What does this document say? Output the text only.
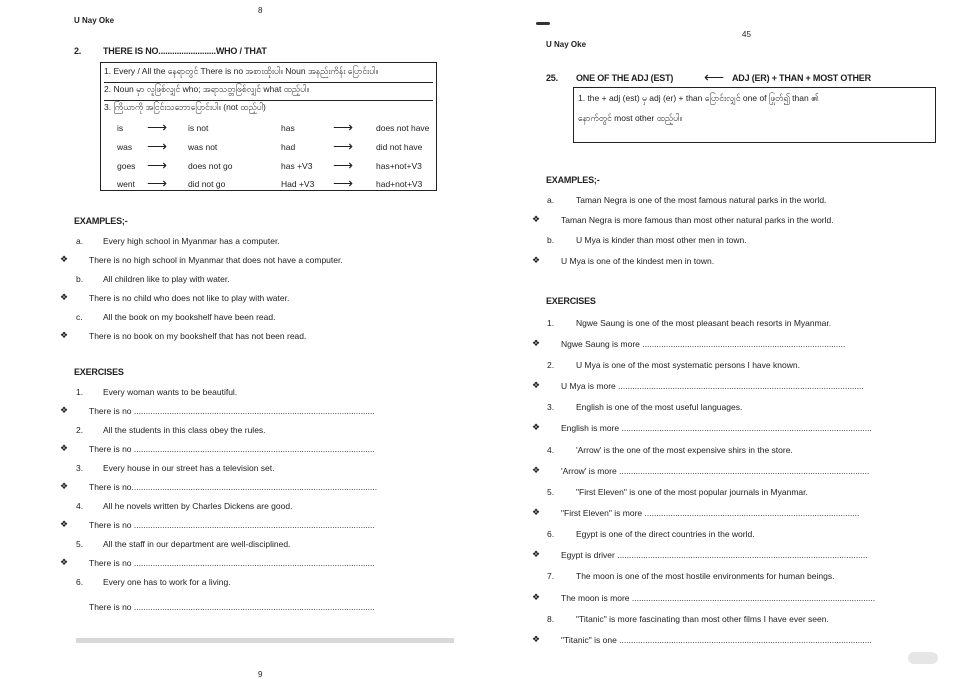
U Nay Oke
8
2. THERE IS NO.........................WHO / THAT
1. Every / All the နေရာတွင် There is no အစားထိုးပါ။ Noun အနည်းကိန်း ပြောင်းပါ။
2. Noun မှာ လူဖြစ်လျှင် who; အရာသတ္တဖြစ်လျှင် what ထည့်ပါ။
3. ကြိယာကို အငြင်းသဘောပြောင်းပါ။ (not ထည့်ပါ)
is ⟶ is not	has	⟶	does not have
was ⟶ was not	had	⟶	did not have
goes ⟶ does not go	has +V3 ⟶	has+not+V3
went ⟶ did not go	Had +V3 ⟶	had+not+V3
EXAMPLES;-
a. Every high school in Myanmar has a computer.
❖ There is no high school in Myanmar that does not have a computer.
b. All children like to play with water.
❖ There is no child who does not like to play with water.
c. All the book on my bookshelf have been read.
❖ There is no book on my bookshelf that has not been read.
EXERCISES
1. Every woman wants to be beautiful.
❖ There is no ......................................................................................................
2. All the students in this class obey the rules.
❖ There is no ......................................................................................................
3. Every house in our street has a television set.
❖ There is no........................................................................................................
4. All he novels written by Charles Dickens are good.
❖ There is no ......................................................................................................
5. All the staff in our department are well-disciplined.
❖ There is no ......................................................................................................
6. Every one has to work for a living.
There is no ......................................................................................................
9
45
U Nay Oke
25. ONE OF THE ADJ (EST) ⟵ ADJ (ER) + THAN + MOST OTHER
1. the + adj (est) မှ adj (er) + than ပြောင်းလျှင် one of ဖြုတ်၍ than ၏
နောက်တွင် most other ထည့်ပါ။
EXAMPLES;-
a.	Taman Negra is one of the most famous natural parks in the world.
❖ Taman Negra is more famous than most other natural parks in the world.
b.	U Mya is kinder than most other men in town.
❖ U Mya is one of the kindest men in town.
EXERCISES
1.	Ngwe Saung is one of the most pleasant beach resorts in Myanmar.
❖ Ngwe Saung is more ......................................................................................
2.	U Mya is one of the most systematic persons I have known.
❖ U Mya is more ........................................................................................................
3.	English is one of the most useful languages.
❖ English is more ..........................................................................................................
4.	'Arrow' is the one of the most expensive shirs in the store.
❖ 'Arrow' is more ..........................................................................................................
5.	"First Eleven" is one of the most popular journals in Myanmar.
❖ "First Eleven" is more ...........................................................................................
6.	Egypt is one of the direct countries in the world.
❖ Egypt is driver ..........................................................................................................
7.	The moon is one of the most hostile environments for human beings.
❖ The moon is more .......................................................................................................
8.	"Titanic" is more fascinating than most other films I have ever seen.
❖ "Titanic" is one ...........................................................................................................
